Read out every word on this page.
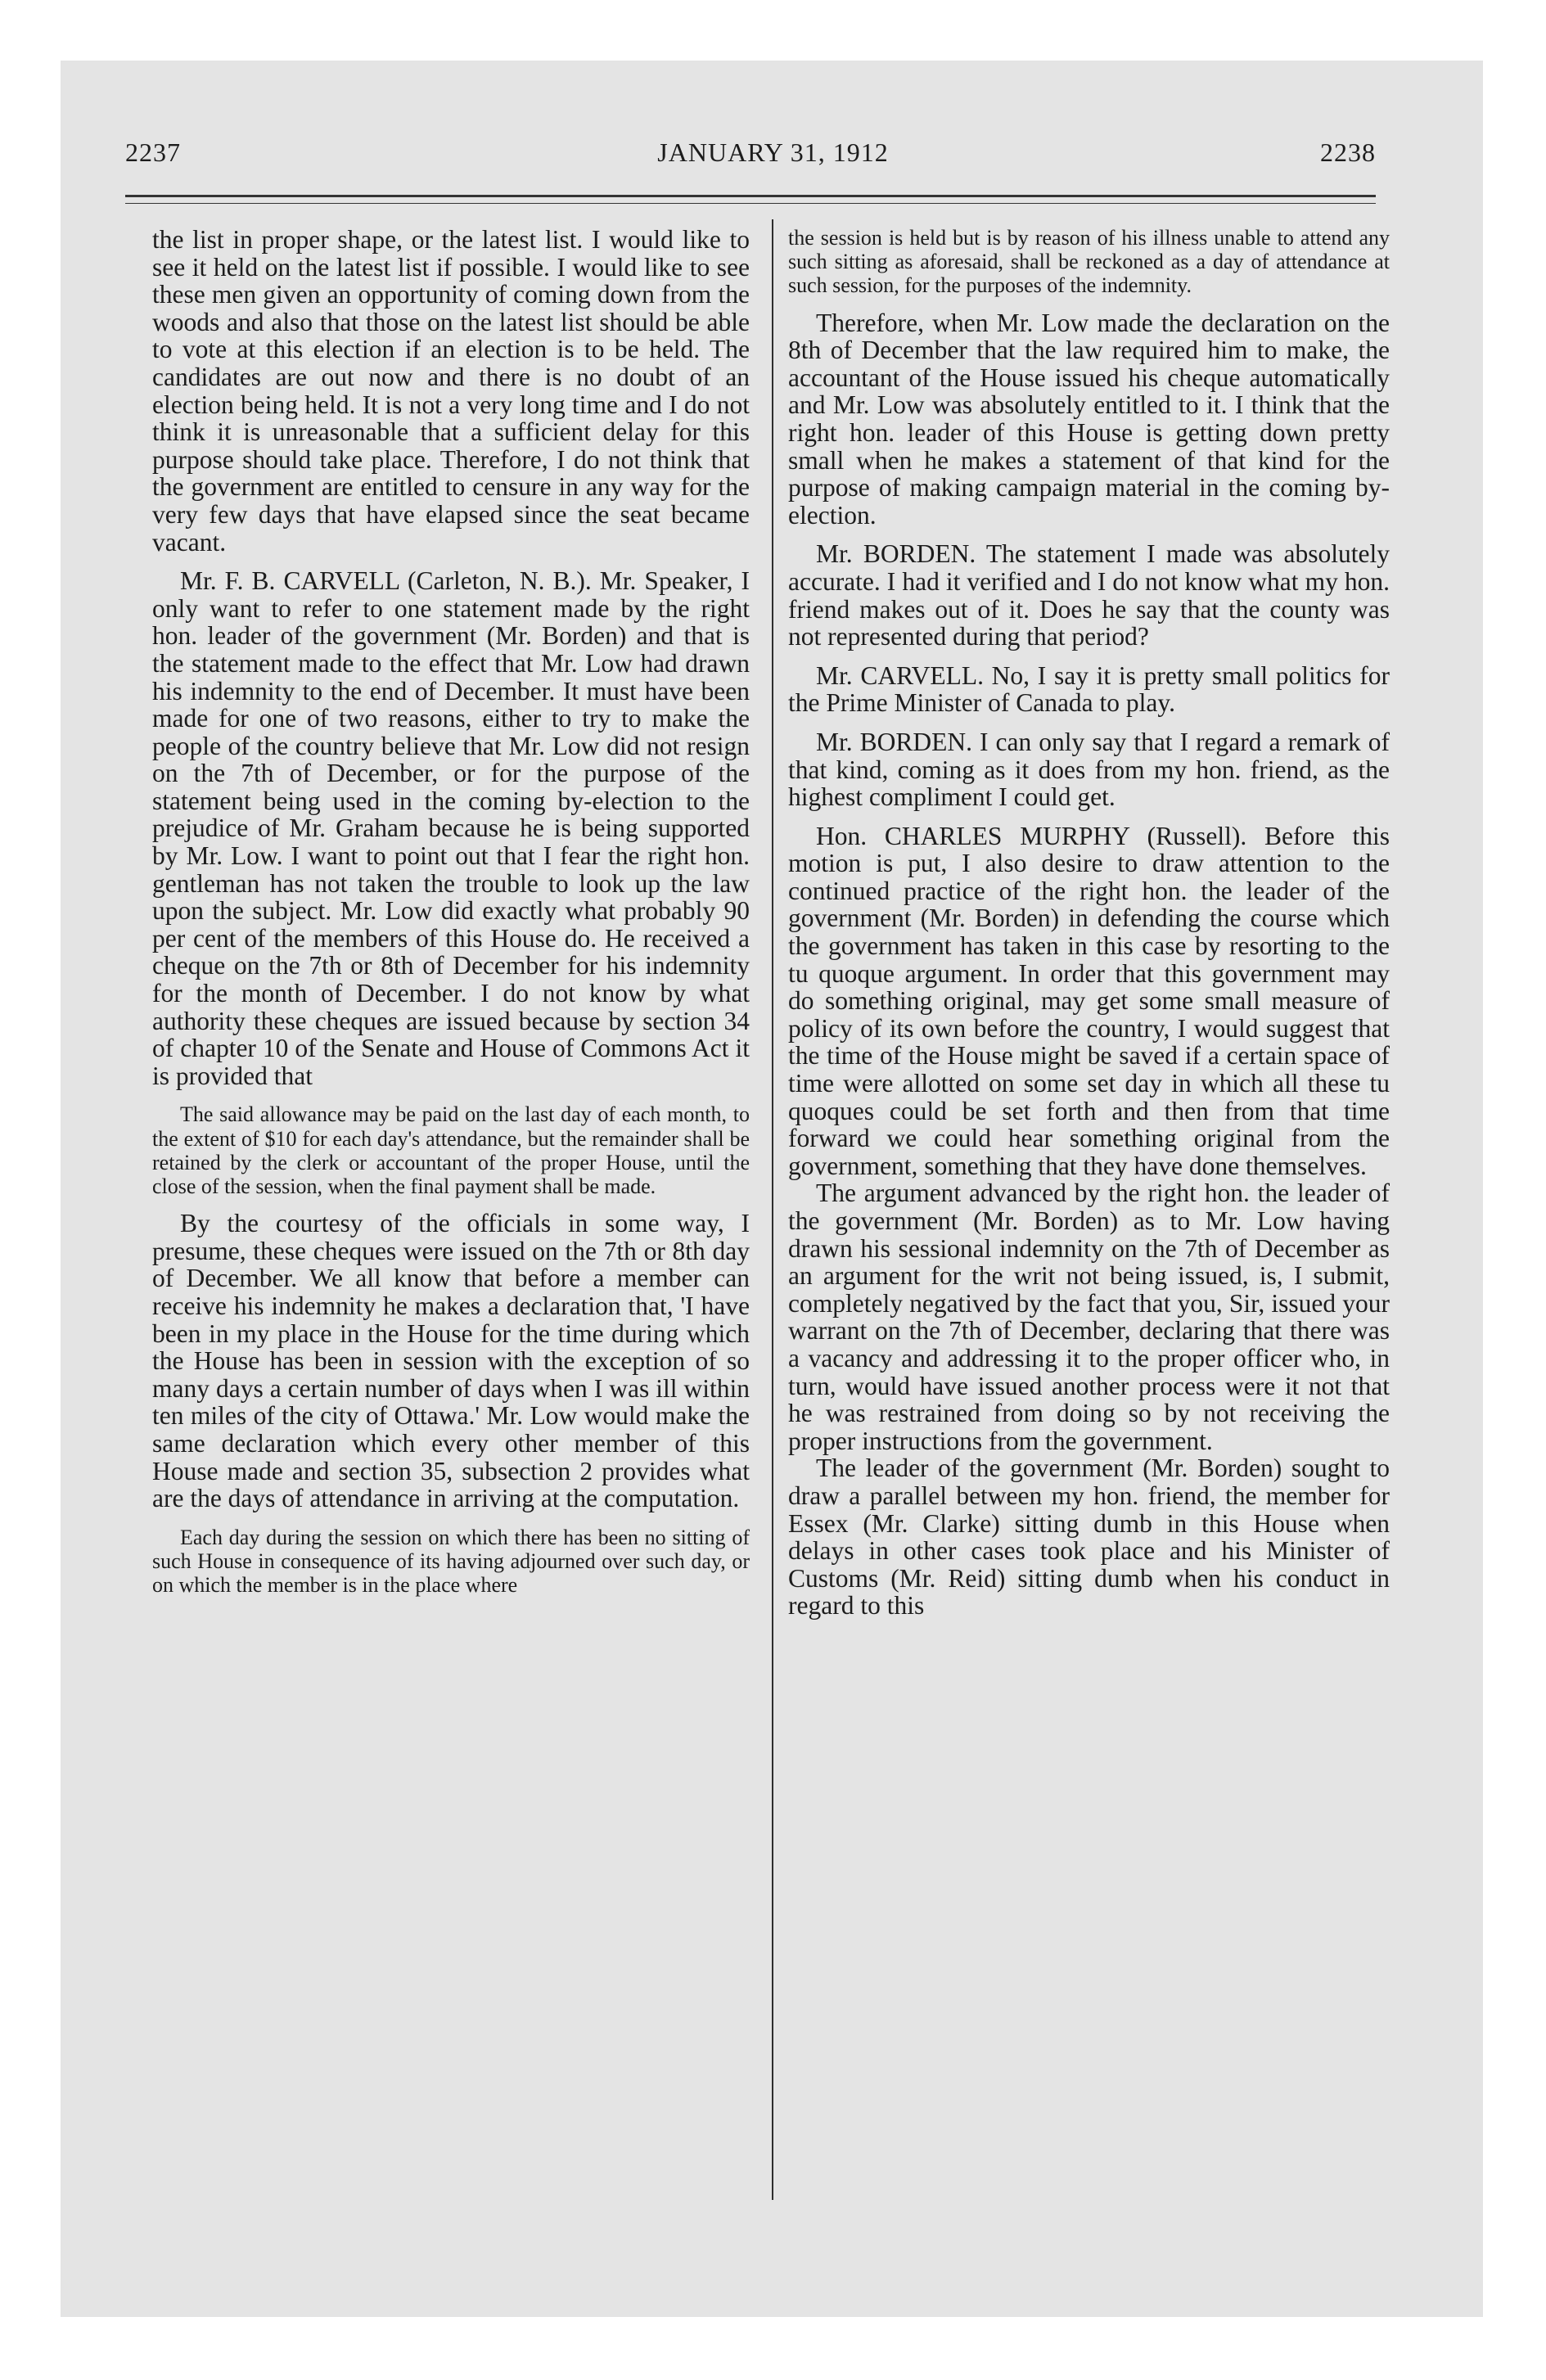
2237	JANUARY 31, 1912	2238

the list in proper shape, or the latest list. I would like to see it held on the latest list if possible. I would like to see these men given an opportunity of coming down from the woods and also that those on the latest list should be able to vote at this election if an election is to be held. The candidates are out now and there is no doubt of an election being held. It is not a very long time and I do not think it is unreasonable that a sufficient delay for this purpose should take place. Therefore, I do not think that the government are entitled to censure in any way for the very few days that have elapsed since the seat became vacant.

Mr. F. B. CARVELL (Carleton, N. B.). Mr. Speaker, I only want to refer to one statement made by the right hon. leader of the government (Mr. Borden) and that is the statement made to the effect that Mr. Low had drawn his indemnity to the end of December. It must have been made for one of two reasons, either to try to make the people of the country believe that Mr. Low did not resign on the 7th of December, or for the purpose of the statement being used in the coming by-election to the prejudice of Mr. Graham because he is being supported by Mr. Low. I want to point out that I fear the right hon. gentleman has not taken the trouble to look up the law upon the subject. Mr. Low did exactly what probably 90 per cent of the members of this House do. He received a cheque on the 7th or 8th of December for his indemnity for the month of December. I do not know by what authority these cheques are issued because by section 34 of chapter 10 of the Senate and House of Commons Act it is provided that

The said allowance may be paid on the last day of each month, to the extent of $10 for each day's attendance, but the remainder shall be retained by the clerk or accountant of the proper House, until the close of the session, when the final payment shall be made.

By the courtesy of the officials in some way, I presume, these cheques were issued on the 7th or 8th day of December. We all know that before a member can receive his indemnity he makes a declaration that, 'I have been in my place in the House for the time during which the House has been in session with the exception of so many days a certain number of days when I was ill within ten miles of the city of Ottawa.' Mr. Low would make the same declaration which every other member of this House made and section 35, subsection 2 provides what are the days of attendance in arriving at the computation.

Each day during the session on which there has been no sitting of such House in consequence of its having adjourned over such day, or on which the member is in the place where

the session is held but is by reason of his illness unable to attend any such sitting as aforesaid, shall be reckoned as a day of attendance at such session, for the purposes of the indemnity.

Therefore, when Mr. Low made the declaration on the 8th of December that the law required him to make, the accountant of the House issued his cheque automatically and Mr. Low was absolutely entitled to it. I think that the right hon. leader of this House is getting down pretty small when he makes a statement of that kind for the purpose of making campaign material in the coming by-election.

Mr. BORDEN. The statement I made was absolutely accurate. I had it verified and I do not know what my hon. friend makes out of it. Does he say that the county was not represented during that period?

Mr. CARVELL. No, I say it is pretty small politics for the Prime Minister of Canada to play.

Mr. BORDEN. I can only say that I regard a remark of that kind, coming as it does from my hon. friend, as the highest compliment I could get.

Hon. CHARLES MURPHY (Russell). Before this motion is put, I also desire to draw attention to the continued practice of the right hon. the leader of the government (Mr. Borden) in defending the course which the government has taken in this case by resorting to the tu quoque argument. In order that this government may do something original, may get some small measure of policy of its own before the country, I would suggest that the time of the House might be saved if a certain space of time were allotted on some set day in which all these tu quoques could be set forth and then from that time forward we could hear something original from the government, something that they have done themselves.

The argument advanced by the right hon. the leader of the government (Mr. Borden) as to Mr. Low having drawn his sessional indemnity on the 7th of December as an argument for the writ not being issued, is, I submit, completely negatived by the fact that you, Sir, issued your warrant on the 7th of December, declaring that there was a vacancy and addressing it to the proper officer who, in turn, would have issued another process were it not that he was restrained from doing so by not receiving the proper instructions from the government.

The leader of the government (Mr. Borden) sought to draw a parallel between my hon. friend, the member for Essex (Mr. Clarke) sitting dumb in this House when delays in other cases took place and his Minister of Customs (Mr. Reid) sitting dumb when his conduct in regard to this
